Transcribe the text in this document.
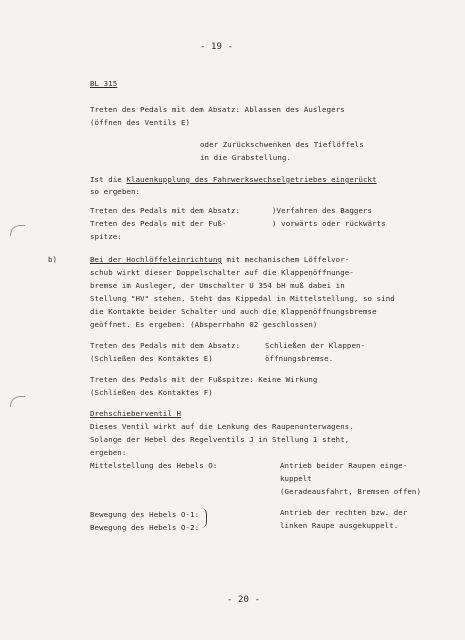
- 19 -
BL 315
Treten des Pedals mit dem Absatz: Ablassen des Auslegers
(öffnen des Ventils E)
oder Zurückschwenken des Tieflöffels
in die Grabstellung.
Ist die Klauenkupplung des Fahrwerkswechselgetriebes eingerückt
so ergeben:
Treten des Pedals mit dem Absatz:	)Verfahren des Baggers
Treten des Pedals mit der Fuß-	) vorwärts oder rückwärts
spitze:
b)	Bei der Hochlöffeleinrichtung mit mechanischem Löffelvor-
schub wirkt dieser Doppelschalter auf die Klappenöffnunge-
bremse im Ausleger, der Umschalter U 354 bH muß dabei in
Stellung "HV" stehen. Steht das Kippedal in Mittelstellung, so sind
die Kontakte beider Schalter und auch die Klappenöffnungsbremse
geöffnet. Es ergeben: (Absperrhahn 02 geschlossen)
Treten des Pedals mit dem Absatz:	Schließen der Klappen-
(Schließen des Kontaktes E)	öffnungsbremse.
Treten des Pedals mit der Fußspitze: Keine Wirkung
(Schließen des Kontaktes F)
Drehschieberventil H
Dieses Ventil wirkt auf die Lenkung des Raupenunterwagens.
Solange der Hebel des Regelventils J in Stellung 1 steht,
ergeben:
Mittelstellung des Hebels O:	Antrieb beider Raupen einge-
kuppelt
(Geradeausfahrt, Bremsen offen)
Bewegung des Hebels O-1:	Antrieb der rechten bzw. der
Bewegung des Hebels O-2:	linken Raupe ausgekuppelt.
- 20 -
